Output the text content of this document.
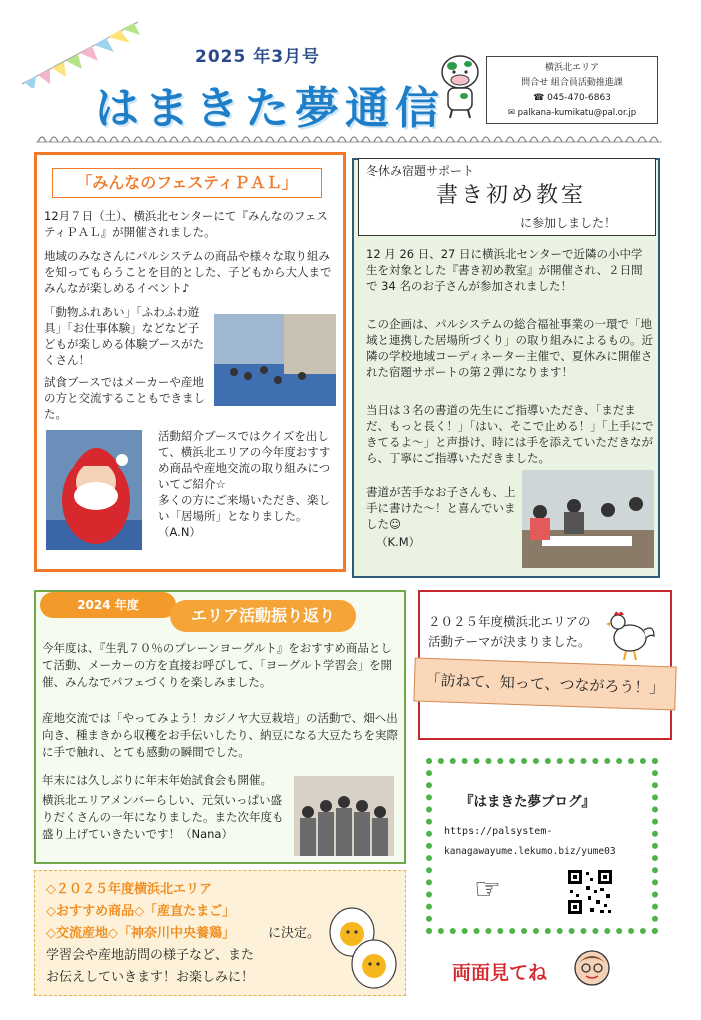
2025 年3月号
はまきた夢通信
横浜北エリア
問合せ 組合員活動推進課
☎ 045-470-6863
✉ palkana-kumikatu@pal.or.jp
「みんなのフェスティＰＡＬ」
12月７日（土）、横浜北センターにて『みんなのフェスティＰＡＬ』が開催されました。
地域のみなさんにパルシステムの商品や様々な取り組みを知ってもらうことを目的とした、子どもから大人までみんなが楽しめるイベント♪
「動物ふれあい」「ふわふわ遊具」「お仕事体験」などなど子どもが楽しめる体験ブースがたくさん！
試食ブースではメーカーや産地の方と交流することもできました。
活動紹介ブースではクイズを出して、横浜北エリアの今年度おすすめ商品や産地交流の取り組みについてご紹介☆
多くの方にご来場いただき、楽しい「居場所」となりました。（A.N）
冬休み宿題サポート
書き初め教室
に参加しました！
12 月 26 日、27 日に横浜北センターで近隣の小中学生を対象とした『書き初め教室』が開催され、２日間で 34 名のお子さんが参加されました！
この企画は、パルシステムの総合福祉事業の一環で「地域と連携した居場所づくり」の取り組みによるもの。近隣の学校地域コーディネーター主催で、夏休みに開催された宿題サポートの第２弾になります！
当日は３名の書道の先生にご指導いただき、「まだまだ、もっと長く！」「はい、そこで止める！」「上手にできてるよ～」と声掛け、時には手を添えていただきながら、丁寧にご指導いただきました。
書道が苦手なお子さんも、上手に書けた～！と喜んでいました☺
（K.M）
2024 年度
エリア活動振り返り
今年度は、『生乳７０％のプレーンヨーグルト』をおすすめ商品として活動、メーカーの方を直接お呼びして、「ヨーグルト学習会」を開催、みんなでパフェづくりを楽しみました。
産地交流では「やってみよう！カジノヤ大豆栽培」の活動で、畑へ出向き、種まきから収穫をお手伝いしたり、納豆になる大豆たちを実際に手で触れ、とても感動の瞬間でした。
年末には久しぶりに年末年始試食会も開催。
横浜北エリアメンバーらしい、元気いっぱい盛りだくさんの一年になりました。また次年度も盛り上げていきたいです！（Nana）
２０２５年度横浜北エリアの
活動テーマが決まりました。
「訪ねて、知って、つながろう！」
『はまきた夢ブログ』
https://palsystem-
kanagawayume.lekumo.biz/yume03
☞
◇２０２５年度横浜北エリア
◇おすすめ商品◇「産直たまご」
◇交流産地◇「神奈川中央養鶏」	に決定。
学習会や産地訪問の様子など、また
お伝えしていきます！お楽しみに！	両面見てね
